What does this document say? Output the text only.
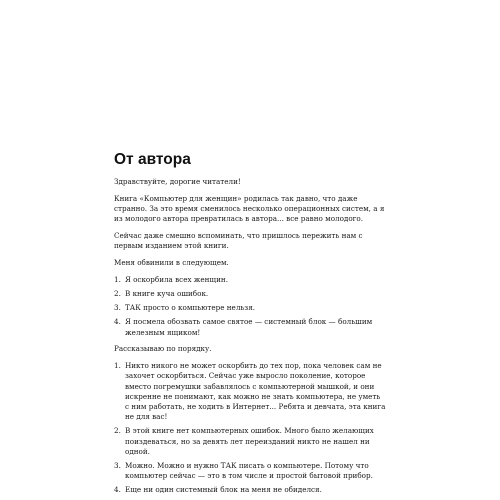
От автора

Здравствуйте, дорогие читатели!

Книга «Компьютер для женщин» родилась так давно, что даже странно. За это время сменилось несколько операционных систем, а я из молодого автора превратилась в автора... все равно молодого.

Сейчас даже смешно вспоминать, что пришлось пережить нам с первым изданием этой книги.

Меня обвинили в следующем.

1. Я оскорбила всех женщин.
2. В книге куча ошибок.
3. ТАК просто о компьютере нельзя.
4. Я посмела обозвать самое святое — системный блок — большим железным ящиком!

Рассказываю по порядку.

1. Никто никого не может оскорбить до тех пор, пока человек сам не захочет оскорбиться. Сейчас уже выросло поколение, которое вместо погремушки забавлялось с компьютерной мышкой, и они искренне не понимают, как можно не знать компьютера, не уметь с ним работать, не ходить в Интернет... Ребята и девчата, эта книга не для вас!
2. В этой книге нет компьютерных ошибок. Много было желающих поиздеваться, но за девять лет переизданий никто не нашел ни одной.
3. Можно. Можно и нужно ТАК писать о компьютере. Потому что компьютер сейчас — это в том числе и простой бытовой прибор.
4. Еще ни один системный блок на меня не обиделся.
